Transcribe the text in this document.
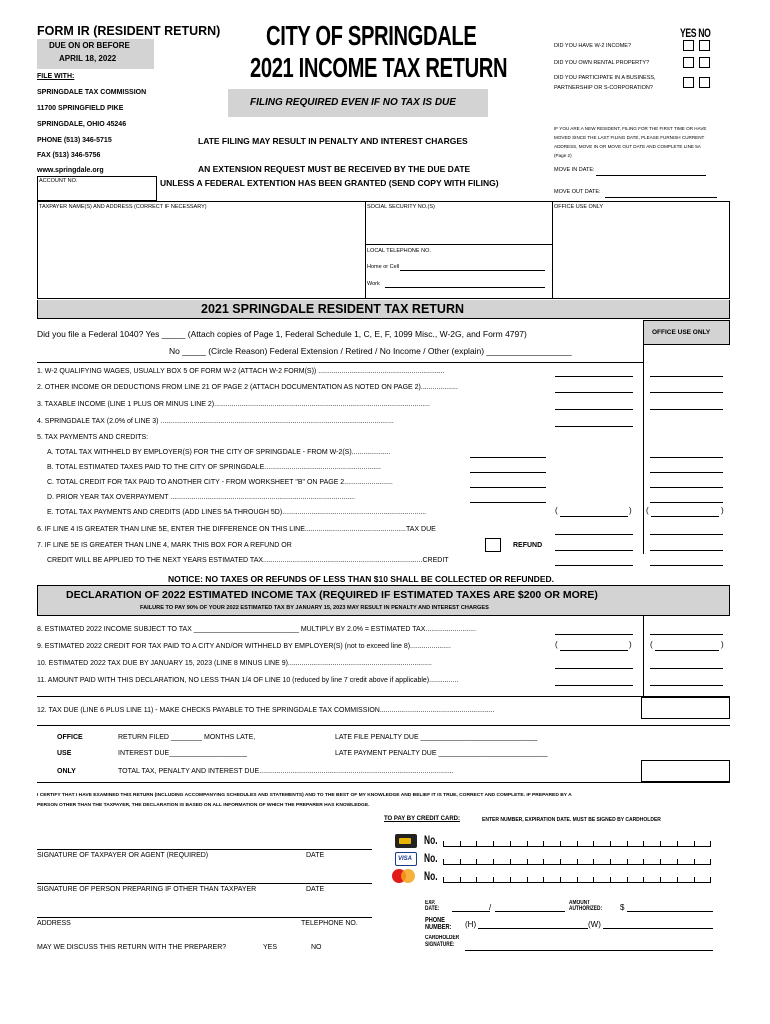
FORM IR (RESIDENT RETURN)
DUE ON OR BEFORE
APRIL 18, 2022
FILE WITH:
SPRINGDALE TAX COMMISSION
11700 SPRINGFIELD PIKE
SPRINGDALE, OHIO 45246
PHONE (513) 346-5715
FAX (513) 346-5756
www.springdale.org
ACCOUNT NO.
CITY OF SPRINGDALE
2021 INCOME TAX RETURN
FILING REQUIRED EVEN IF NO TAX IS DUE
LATE FILING MAY RESULT IN PENALTY AND INTEREST CHARGES
AN EXTENSION REQUEST MUST BE RECEIVED BY THE DUE DATE
UNLESS A FEDERAL EXTENTION HAS BEEN GRANTED (SEND COPY WITH FILING)
YES NO
DID YOU HAVE W-2 INCOME?
DID YOU OWN RENTAL PROPERTY?
DID YOU PARTICIPATE IN A BUSINESS,
PARTNERSHIP OR S-CORPORATION?
IF YOU ARE A NEW RESIDENT, FILING FOR THE FIRST TIME OR HAVE
MOVED SINCE THE LAST FILING DATE, PLEASE FURNISH CURRENT
ADDRESS, MOVE IN OR MOVE OUT DATE AND COMPLETE LINE 5A
(Page 2)
MOVE IN DATE:
MOVE OUT DATE:
TAXPAYER NAME(S) AND ADDRESS (CORRECT IF NECESSARY)	SOCIAL SECURITY NO.(S)	OFFICE USE ONLY
LOCAL TELEPHONE NO.
Home or Cell
Work
2021 SPRINGDALE RESIDENT TAX RETURN
OFFICE USE ONLY
Did you file a Federal 1040? Yes _____ (Attach copies of Page 1, Federal Schedule 1, C, E, F, 1099 Misc., W-2G, and Form 4797)
No _____ (Circle Reason) Federal Extension / Retired / No Income / Other (explain) __________________
1. W-2 QUALIFYING WAGES, USUALLY BOX 5 OF FORM W-2 (ATTACH W-2 FORM(S)) .................................................................
2. OTHER INCOME OR DEDUCTIONS FROM LINE 21 OF PAGE 2 (ATTACH DOCUMENTATION AS NOTED ON PAGE 2)...................
3. TAXABLE INCOME (LINE 1 PLUS OR MINUS LINE 2)...............................................................................................................
4. SPRINGDALE TAX (2.0% of LINE 3) ........................................................................................................................
5. TAX PAYMENTS AND CREDITS:
A. TOTAL TAX WITHHELD BY EMPLOYER(S) FOR THE CITY OF SPRINGDALE - FROM W-2(S)....................
B. TOTAL ESTIMATED TAXES PAID TO THE CITY OF SPRINGDALE............................................................
C. TOTAL CREDIT FOR TAX PAID TO ANOTHER CITY - FROM WORKSHEET "B" ON PAGE 2.........................
D. PRIOR YEAR TAX OVERPAYMENT ...............................................................................................
E. TOTAL TAX PAYMENTS AND CREDITS (ADD LINES 5A THROUGH 5D)..........................................................................	(	) (	)
6. IF LINE 4 IS GREATER THAN LINE 5E, ENTER THE DIFFERENCE ON THIS LINE....................................................TAX DUE
7. IF LINE 5E IS GREATER THAN LINE 4, MARK THIS BOX FOR A REFUND OR	REFUND
CREDIT WILL BE APPLIED TO THE NEXT YEARS ESTIMATED TAX..................................................................................CREDIT
NOTICE: NO TAXES OR REFUNDS OF LESS THAN $10 SHALL BE COLLECTED OR REFUNDED.
DECLARATION OF 2022 ESTIMATED INCOME TAX (REQUIRED IF ESTIMATED TAXES ARE $200 OR MORE)
FAILURE TO PAY 90% OF YOUR 2022 ESTIMATED TAX BY JANUARY 15, 2023 MAY RESULT IN PENALTY AND INTEREST CHARGES
8. ESTIMATED 2022 INCOME SUBJECT TO TAX ___________________________ MULTIPLY BY 2.0% = ESTIMATED TAX..........................
9. ESTIMATED 2022 CREDIT FOR TAX PAID TO A CITY AND/OR WITHHELD BY EMPLOYER(S) (not to exceed line 8).....................	(	) (	)
10. ESTIMATED 2022 TAX DUE BY JANUARY 15, 2023 (LINE 8 MINUS LINE 9)..........................................................................
11. AMOUNT PAID WITH THIS DECLARATION, NO LESS THAN 1/4 OF LINE 10 (reduced by line 7 credit above if applicable)...............
12. TAX DUE (LINE 6 PLUS LINE 11) - MAKE CHECKS PAYABLE TO THE SPRINGDALE TAX COMMISSION...........................................................
OFFICE
USE
ONLY
RETURN FILED ________ MONTHS LATE,	LATE FILE PENALTY DUE ______________________________
INTEREST DUE____________________	LATE PAYMENT PENALTY DUE ____________________________
TOTAL TAX, PENALTY AND INTEREST DUE....................................................................................................
I CERTIFY THAT I HAVE EXAMINED THIS RETURN (INCLUDING ACCOMPANYING SCHEDULES AND STATEMENTS) AND TO THE BEST OF MY KNOWLEDGE AND BELIEF IT IS TRUE, CORRECT AND COMPLETE. IF PREPARED BY A
PERSON OTHER THAN THE TAXPAYER, THE DECLARATION IS BASED ON ALL INFORMATION OF WHICH THE PREPARER HAS KNOWLEDGE.
TO PAY BY CREDIT CARD:	ENTER NUMBER, EXPIRATION DATE. MUST BE SIGNED BY CARDHOLDER
SIGNATURE OF TAXPAYER OR AGENT (REQUIRED)	DATE
SIGNATURE OF PERSON PREPARING IF OTHER THAN TAXPAYER	DATE
ADDRESS	TELEPHONE NO.
MAY WE DISCUSS THIS RETURN WITH THE PREPARER?	YES	NO
VISA
No.
No.
No.
EXP.
DATE:	/	AMOUNT
AUTHORIZED: $
PHONE
NUMBER: (H)	(W)
CARDHOLDER
SIGNATURE:
